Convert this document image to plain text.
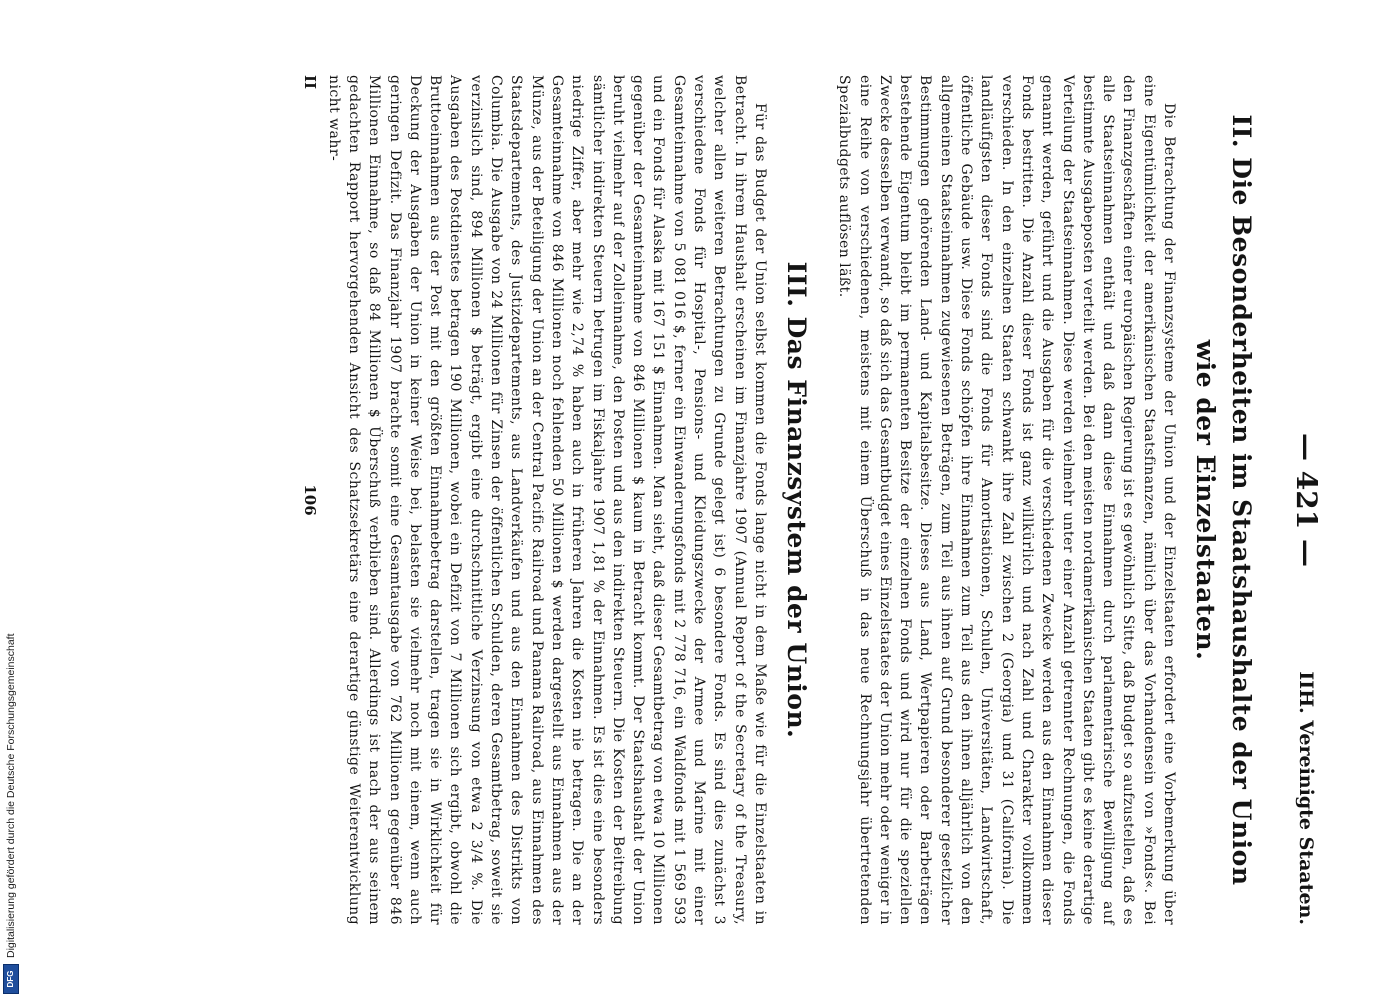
— 421 —
IIH. Vereinigte Staaten.
II. Die Besonderheiten im Staatshaushalte der Union
wie der Einzelstaaten.

Die Betrachtung der Finanzsysteme der Union und der Einzelstaaten erfordert eine Vorbemerkung über eine Eigentümlichkeit der amerikanischen Staatsfinanzen, nämlich über das Vorhandensein von »Fonds«. Bei den Finanzgeschäften einer europäischen Regierung ist es gewöhnlich Sitte, daß Budget so aufzustellen, daß es alle Staatseinnahmen enthält und daß dann diese Einnahmen durch parlamentarische Bewilligung auf bestimmte Ausgabeposten verteilt werden. Bei den meisten nordamerikanischen Staaten gibt es keine derartige Verteilung der Staatseinnahmen. Diese werden vielmehr unter einer Anzahl getrennter Rechnungen, die Fonds genannt werden, geführt und die Ausgaben für die verschiedenen Zwecke werden aus den Einnahmen dieser Fonds bestritten. Die Anzahl dieser Fonds ist ganz willkürlich und nach Zahl und Charakter vollkommen verschieden. In den einzelnen Staaten schwankt ihre Zahl zwischen 2 (Georgia) und 31 (California). Die landläufigsten dieser Fonds sind die Fonds für Amortisationen, Schulen, Universitäten, Landwirtschaft, öffentliche Gebäude usw. Diese Fonds schöpfen ihre Einnahmen zum Teil aus den ihnen alljährlich von den allgemeinen Staatseinnahmen zugewiesenen Beträgen, zum Teil aus ihnen auf Grund besonderer gesetzlicher Bestimmungen gehörenden Land- und Kapitalsbesitze. Dieses aus Land, Wertpapieren oder Barbeträgen bestehende Eigentum bleibt im permanenten Besitze der einzelnen Fonds und wird nur für die speziellen Zwecke desselben verwandt, so daß sich das Gesamtbudget eines Einzelstaates der Union mehr oder weniger in eine Reihe von verschiedenen, meistens mit einem Überschuß in das neue Rechnungsjahr übertretenden Spezialbudgets auflösen läßt.

III. Das Finanzsystem der Union.

Für das Budget der Union selbst kommen die Fonds lange nicht in dem Maße wie für die Einzelstaaten in Betracht. In ihrem Haushalt erscheinen im Finanzjahre 1907 (Annual Report of the Secretary of the Treasury, welcher allen weiteren Betrachtungen zu Grunde gelegt ist) 6 besondere Fonds. Es sind dies zunächst 3 verschiedene Fonds für Hospital-, Pensions- und Kleidungszwecke der Armee und Marine mit einer Gesamteinnahme von 5 081 016 $, ferner ein Einwanderungsfonds mit 2 778 716, ein Waldfonds mit 1 569 593 und ein Fonds für Alaska mit 167 151 $ Einnahmen. Man sieht, daß dieser Gesamtbetrag von etwa 10 Millionen gegenüber der Gesamteinnahme von 846 Millionen $ kaum in Betracht kommt. Der Staatshaushalt der Union beruht vielmehr auf der Zolleinnahme, den Posten und aus den indirekten Steuern. Die Kosten der Beitreibung sämtlicher indirekten Steuern betrugen im Fiskaljahre 1907 1,81 % der Einnahmen. Es ist dies eine besonders niedrige Ziffer, aber mehr wie 2,74 % haben auch in früheren Jahren die Kosten nie betragen. Die an der Gesamteinnahme von 846 Millionen noch fehlenden 50 Millionen $ werden dargestellt aus Einnahmen aus der Münze, aus der Beteiligung der Union an der Central Pacific Railroad und Panama Railroad, aus Einnahmen des Staatsdepartements, des Justizdepartements, aus Landverkäufen und aus den Einnahmen des Distrikts von Columbia. Die Ausgabe von 24 Millionen für Zinsen der öffentlichen Schulden, deren Gesamtbetrag, soweit sie verzinslich sind, 894 Millionen $ beträgt, ergibt eine durchschnittliche Verzinsung von etwa 2 3/4 %. Die Ausgaben des Postdienstes betragen 190 Millionen, wobei ein Defizit von 7 Millionen sich ergibt, obwohl die Bruttoeinnahmen aus der Post mit den größten Einnahmebetrag darstellen, tragen sie in Wirklichkeit für Deckung der Ausgaben der Union in keiner Weise bei, belasten sie vielmehr noch mit einem, wenn auch geringen Defizit. Das Finanzjahr 1907 brachte somit eine Gesamtausgabe von 762 Millionen gegenüber 846 Millionen Einnahme, so daß 84 Millionen $ Überschuß verblieben sind. Allerdings ist nach der aus seinem gedachten Rapport hervorgehenden Ansicht des Schatzsekretärs eine derartige günstige Weiterentwicklung nicht wahr-

II
106
DFG
Digitalisierung gefördert durch die Deutsche Forschungsgemeinschaft
